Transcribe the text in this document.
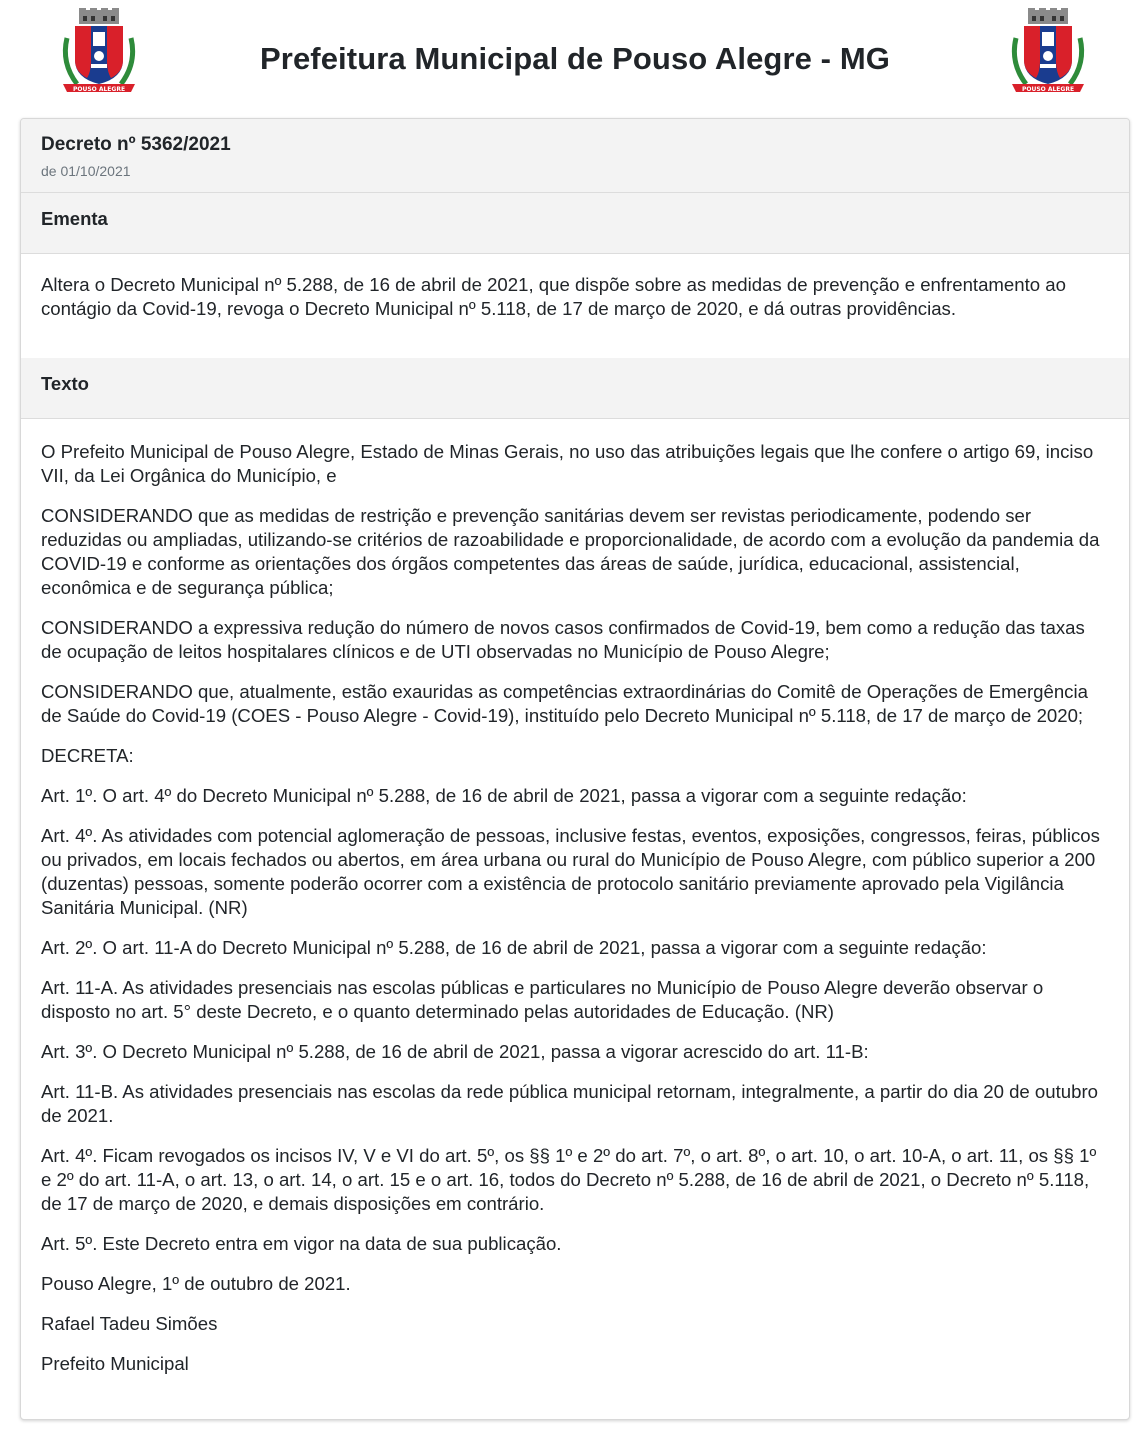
POUSO ALEGRE
Prefeitura Municipal de Pouso Alegre - MG
POUSO ALEGRE
Decreto nº 5362/2021
de 01/10/2021
Ementa

Altera o Decreto Municipal nº 5.288, de 16 de abril de 2021, que dispõe sobre as medidas de prevenção e enfrentamento ao contágio da Covid-19, revoga o Decreto Municipal nº 5.118, de 17 de março de 2020, e dá outras providências.

Texto

O Prefeito Municipal de Pouso Alegre, Estado de Minas Gerais, no uso das atribuições legais que lhe confere o artigo 69, inciso VII, da Lei Orgânica do Município, e

CONSIDERANDO que as medidas de restrição e prevenção sanitárias devem ser revistas periodicamente, podendo ser reduzidas ou ampliadas, utilizando-se critérios de razoabilidade e proporcionalidade, de acordo com a evolução da pandemia da COVID-19 e conforme as orientações dos órgãos competentes das áreas de saúde, jurídica, educacional, assistencial, econômica e de segurança pública;

CONSIDERANDO a expressiva redução do número de novos casos confirmados de Covid-19, bem como a redução das taxas de ocupação de leitos hospitalares clínicos e de UTI observadas no Município de Pouso Alegre;

CONSIDERANDO que, atualmente, estão exauridas as competências extraordinárias do Comitê de Operações de Emergência de Saúde do Covid-19 (COES - Pouso Alegre - Covid-19), instituído pelo Decreto Municipal nº 5.118, de 17 de março de 2020;

DECRETA:

Art. 1º. O art. 4º do Decreto Municipal nº 5.288, de 16 de abril de 2021, passa a vigorar com a seguinte redação:

Art. 4º. As atividades com potencial aglomeração de pessoas, inclusive festas, eventos, exposições, congressos, feiras, públicos ou privados, em locais fechados ou abertos, em área urbana ou rural do Município de Pouso Alegre, com público superior a 200 (duzentas) pessoas, somente poderão ocorrer com a existência de protocolo sanitário previamente aprovado pela Vigilância Sanitária Municipal. (NR)

Art. 2º. O art. 11-A do Decreto Municipal nº 5.288, de 16 de abril de 2021, passa a vigorar com a seguinte redação:

Art. 11-A. As atividades presenciais nas escolas públicas e particulares no Município de Pouso Alegre deverão observar o disposto no art. 5° deste Decreto, e o quanto determinado pelas autoridades de Educação. (NR)

Art. 3º. O Decreto Municipal nº 5.288, de 16 de abril de 2021, passa a vigorar acrescido do art. 11-B:

Art. 11-B. As atividades presenciais nas escolas da rede pública municipal retornam, integralmente, a partir do dia 20 de outubro de 2021.

Art. 4º. Ficam revogados os incisos IV, V e VI do art. 5º, os §§ 1º e 2º do art. 7º, o art. 8º, o art. 10, o art. 10-A, o art. 11, os §§ 1º e 2º do art. 11-A, o art. 13, o art. 14, o art. 15 e o art. 16, todos do Decreto nº 5.288, de 16 de abril de 2021, o Decreto nº 5.118, de 17 de março de 2020, e demais disposições em contrário.

Art. 5º. Este Decreto entra em vigor na data de sua publicação.

Pouso Alegre, 1º de outubro de 2021.

Rafael Tadeu Simões

Prefeito Municipal
